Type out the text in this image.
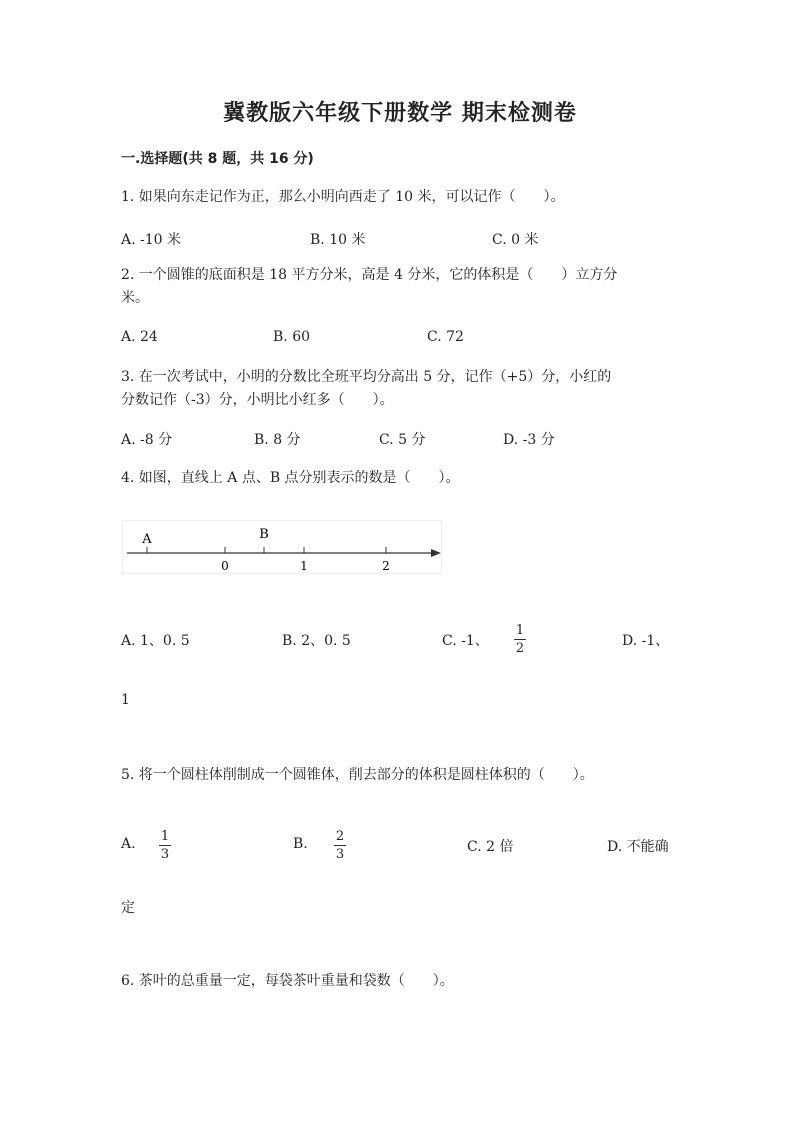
冀教版六年级下册数学 期末检测卷
一.选择题(共 8 题，共 16 分)
1. 如果向东走记作为正，那么小明向西走了 10 米，可以记作（　　）。
A. -10 米	B. 10 米	C. 0 米
2. 一个圆锥的底面积是 18 平方分米，高是 4 分米，它的体积是（　　）立方分
米。
A. 24	B. 60	C. 72
3. 在一次考试中，小明的分数比全班平均分高出 5 分，记作（+5）分，小红的
分数记作（-3）分，小明比小红多（　　）。
A. -8 分	B. 8 分	C. 5 分	D. -3 分
4. 如图，直线上 A 点、B 点分别表示的数是（　　）。
A	B
0	1	2
A. 1、0. 5	B. 2、0. 5	C. -1、
1
2	D. -1、
1
5. 将一个圆柱体削制成一个圆锥体，削去部分的体积是圆柱体积的（　　）。
A. 1
3
B. 2
3	C. 2 倍	D. 不能确
定
6. 茶叶的总重量一定，每袋茶叶重量和袋数（　　）。
